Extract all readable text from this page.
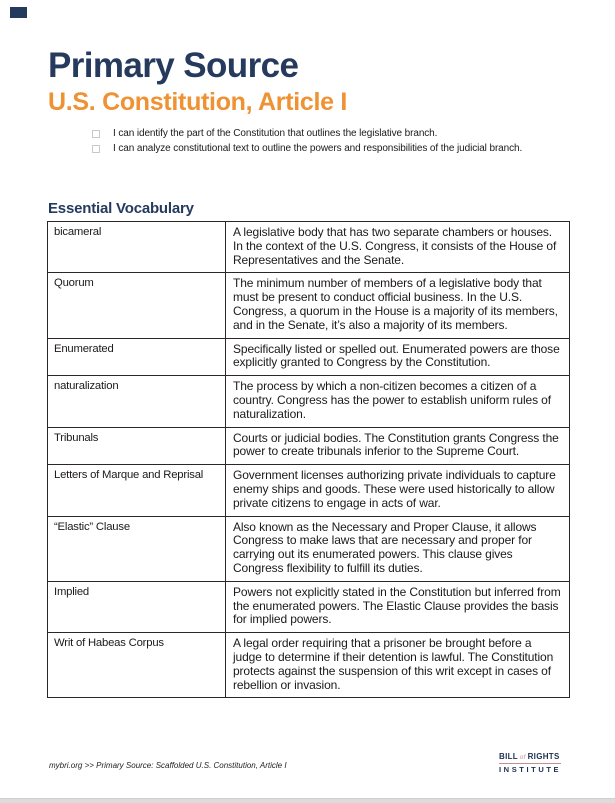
Primary Source
U.S. Constitution, Article I
I can identify the part of the Constitution that outlines the legislative branch.
I can analyze constitutional text to outline the powers and responsibilities of the judicial branch.
Essential Vocabulary
bicameral	A legislative body that has two separate chambers or houses. In the context of the U.S. Congress, it consists of the House of Representatives and the Senate.
Quorum	The minimum number of members of a legislative body that must be present to conduct official business. In the U.S. Congress, a quorum in the House is a majority of its members, and in the Senate, it’s also a majority of its members.
Enumerated	Specifically listed or spelled out. Enumerated powers are those explicitly granted to Congress by the Constitution.
naturalization	The process by which a non-citizen becomes a citizen of a country. Congress has the power to establish uniform rules of naturalization.
Tribunals	Courts or judicial bodies. The Constitution grants Congress the power to create tribunals inferior to the Supreme Court.
Letters of Marque and Reprisal	Government licenses authorizing private individuals to capture enemy ships and goods. These were used historically to allow private citizens to engage in acts of war.
“Elastic” Clause	Also known as the Necessary and Proper Clause, it allows Congress to make laws that are necessary and proper for carrying out its enumerated powers. This clause gives Congress flexibility to fulfill its duties.
Implied	Powers not explicitly stated in the Constitution but inferred from the enumerated powers. The Elastic Clause provides the basis for implied powers.
Writ of Habeas Corpus	A legal order requiring that a prisoner be brought before a judge to determine if their detention is lawful. The Constitution protects against the suspension of this writ except in cases of rebellion or invasion.
mybri.org >> Primary Source: Scaffolded U.S. Constitution, Article I
BILL of RIGHTS
INSTITUTE
